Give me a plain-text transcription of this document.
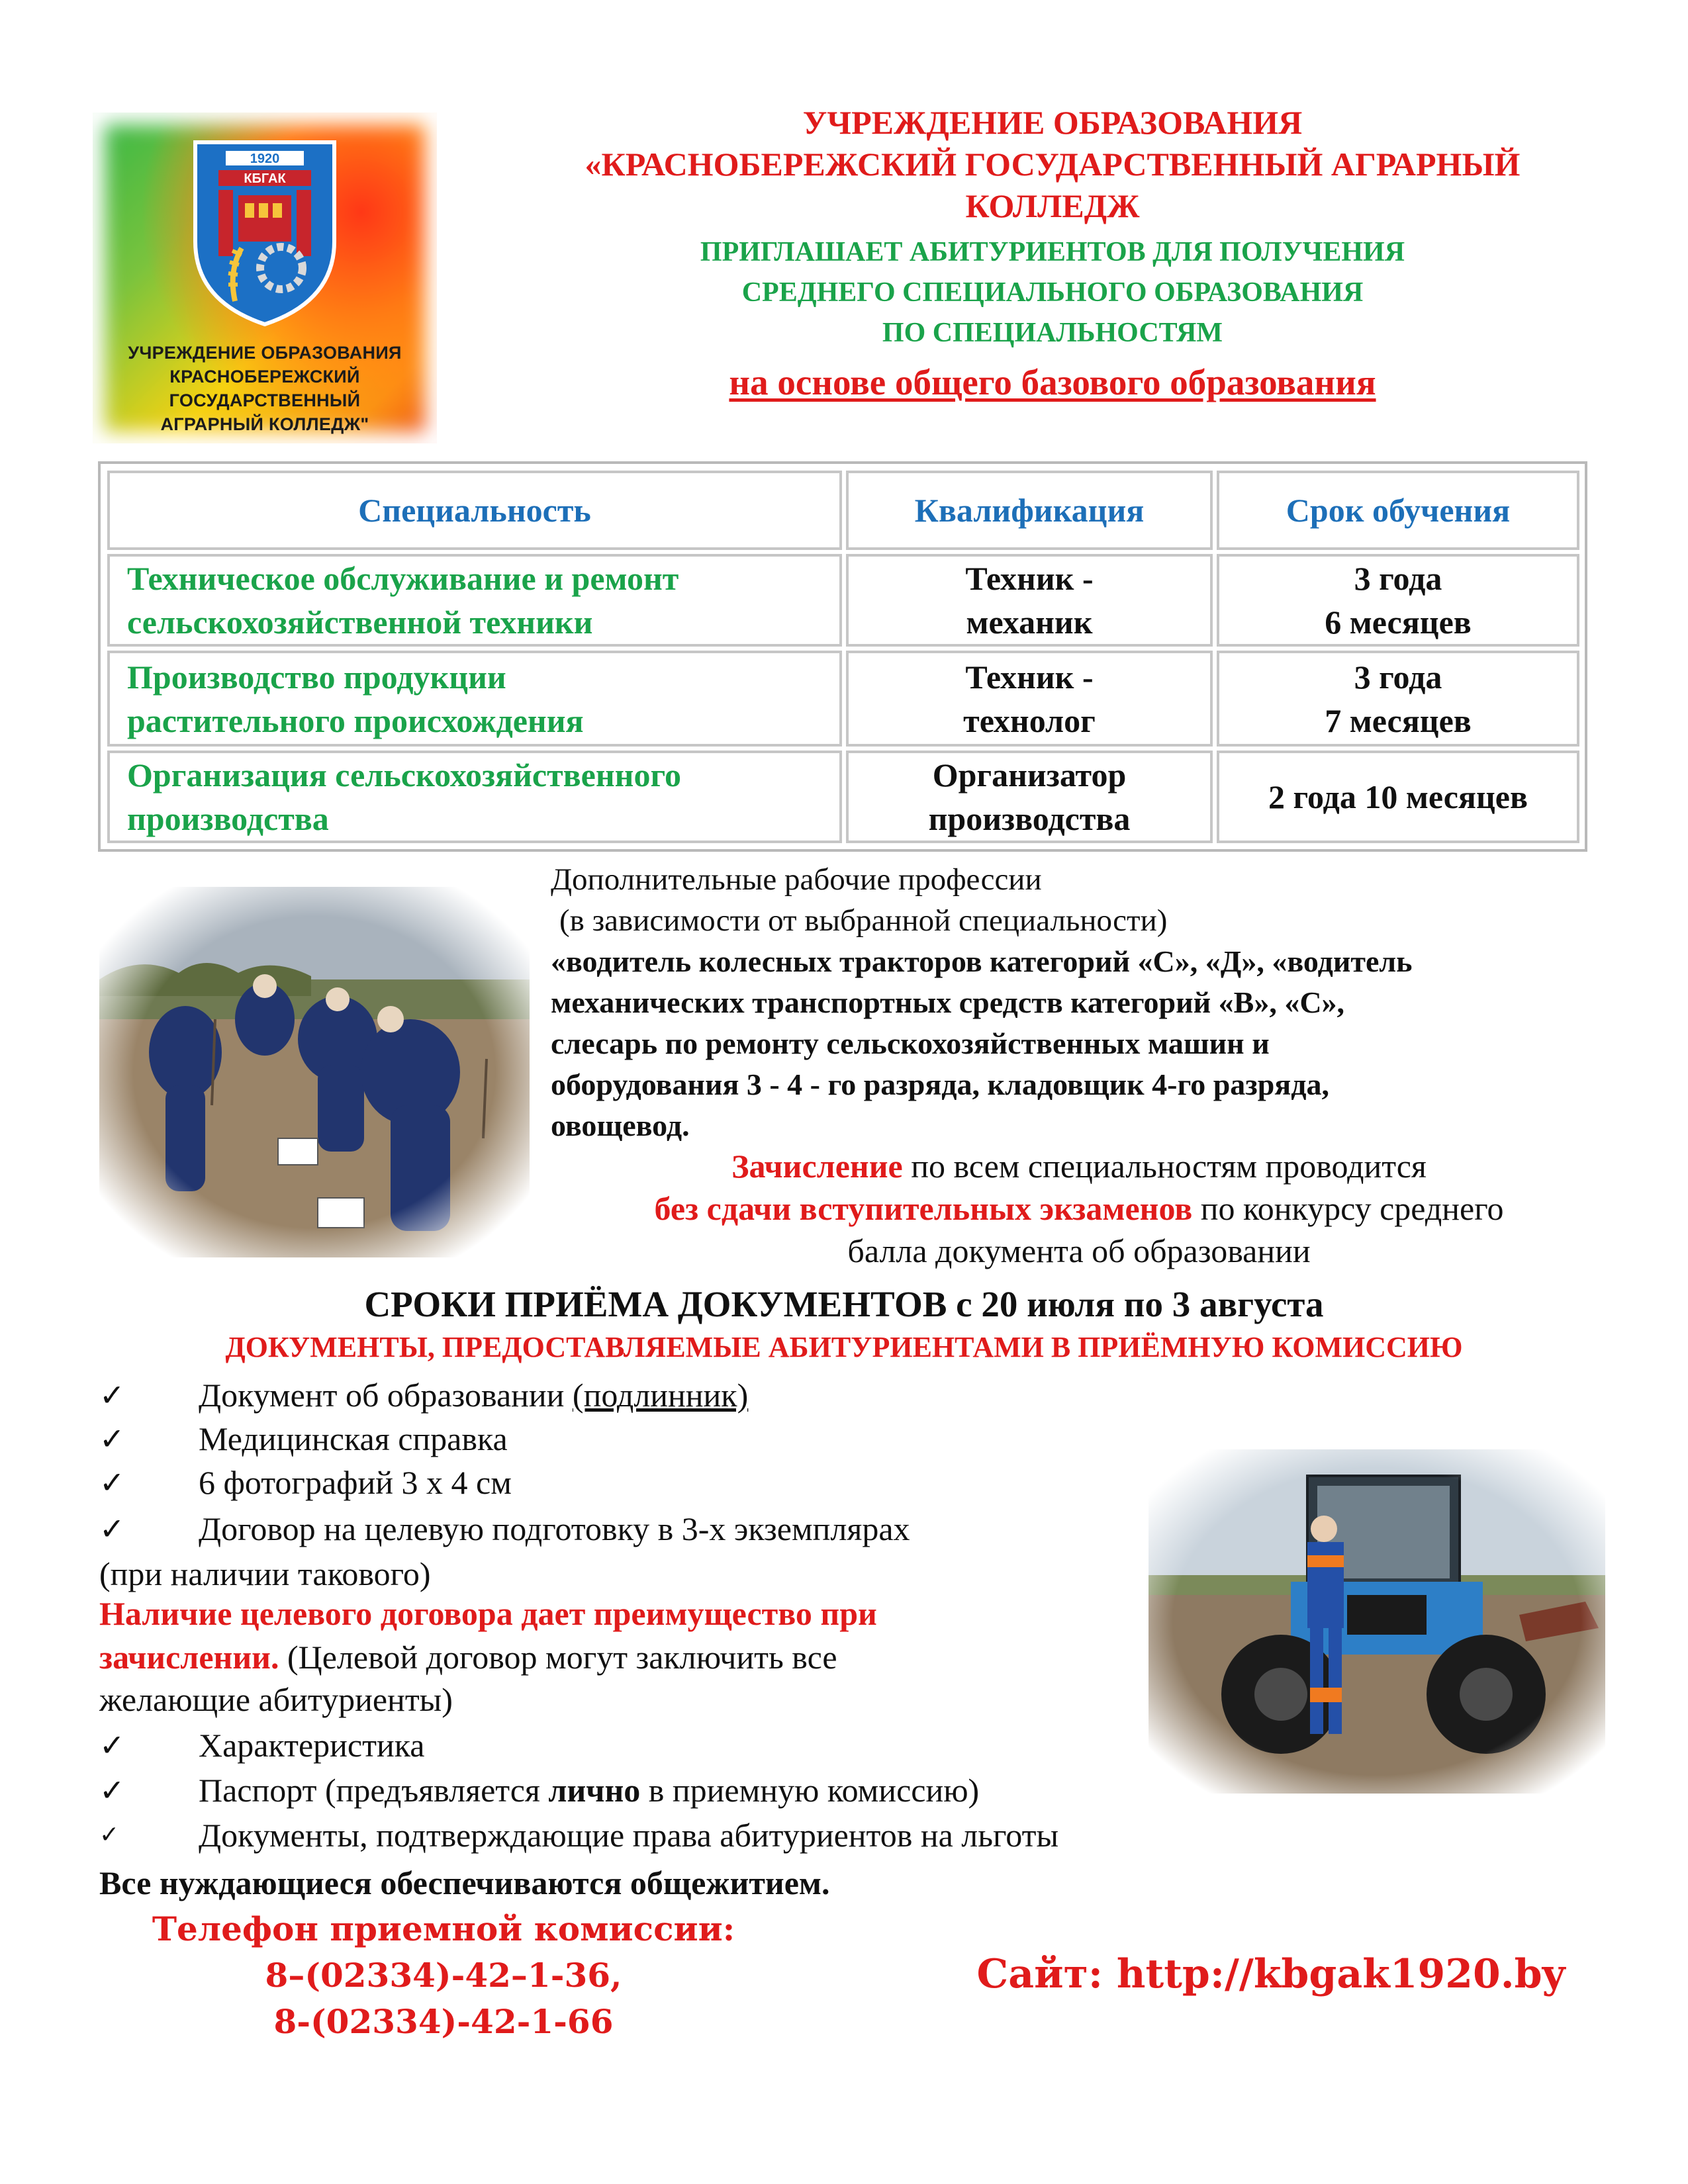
1920
КБГАК
УЧРЕЖДЕНИЕ ОБРАЗОВАНИЯ
КРАСНОБЕРЕЖСКИЙ ГОСУДАРСТВЕННЫЙ
АГРАРНЫЙ КОЛЛЕДЖ"
УЧРЕЖДЕНИЕ ОБРАЗОВАНИЯ
«КРАСНОБЕРЕЖСКИЙ ГОСУДАРСТВЕННЫЙ АГРАРНЫЙ
КОЛЛЕДЖ
ПРИГЛАШАЕТ АБИТУРИЕНТОВ ДЛЯ ПОЛУЧЕНИЯ
СРЕДНЕГО СПЕЦИАЛЬНОГО ОБРАЗОВАНИЯ
ПО СПЕЦИАЛЬНОСТЯМ
на основе общего базового образования
Специальность	Квалификация	Срок обучения
Техническое обслуживание и ремонт
сельскохозяйственной техники
Техник -
механик
3 года
6 месяцев
Производство продукции
растительного происхождения
Техник -
технолог
3 года
7 месяцев
Организация сельскохозяйственного
производства
Организатор
производства
2 года 10 месяцев
Дополнительные рабочие профессии
(в зависимости от выбранной специальности)
«водитель колесных тракторов категорий «С», «Д», «водитель
механических транспортных средств категорий «В», «С»,
слесарь по ремонту сельскохозяйственных машин и
оборудования 3 - 4 - го разряда, кладовщик 4-го разряда,
овощевод.
Зачисление по всем специальностям проводится
без сдачи вступительных экзаменов по конкурсу среднего
балла документа об образовании
СРОКИ ПРИЁМА ДОКУМЕНТОВ с 20 июля по 3 августа
ДОКУМЕНТЫ, ПРЕДОСТАВЛЯЕМЫЕ АБИТУРИЕНТАМИ В ПРИЁМНУЮ КОМИССИЮ
✓ Документ об образовании (подлинник)
✓ Медицинская справка
✓ 6 фотографий 3 х 4 см
✓ Договор на целевую подготовку в 3-х экземплярах
(при наличии такового)
Наличие целевого договора дает преимущество при
зачислении. (Целевой договор могут заключить все
желающие абитуриенты)
✓ Характеристика
✓ Паспорт (предъявляется лично в приемную комиссию)
✓ Документы, подтверждающие права абитуриентов на льготы
Все нуждающиеся обеспечиваются общежитием.
Телефон приемной комиссии:
8–(02334)-42–1-36,
8-(02334)-42-1-66
Сайт: http://kbgak1920.by
